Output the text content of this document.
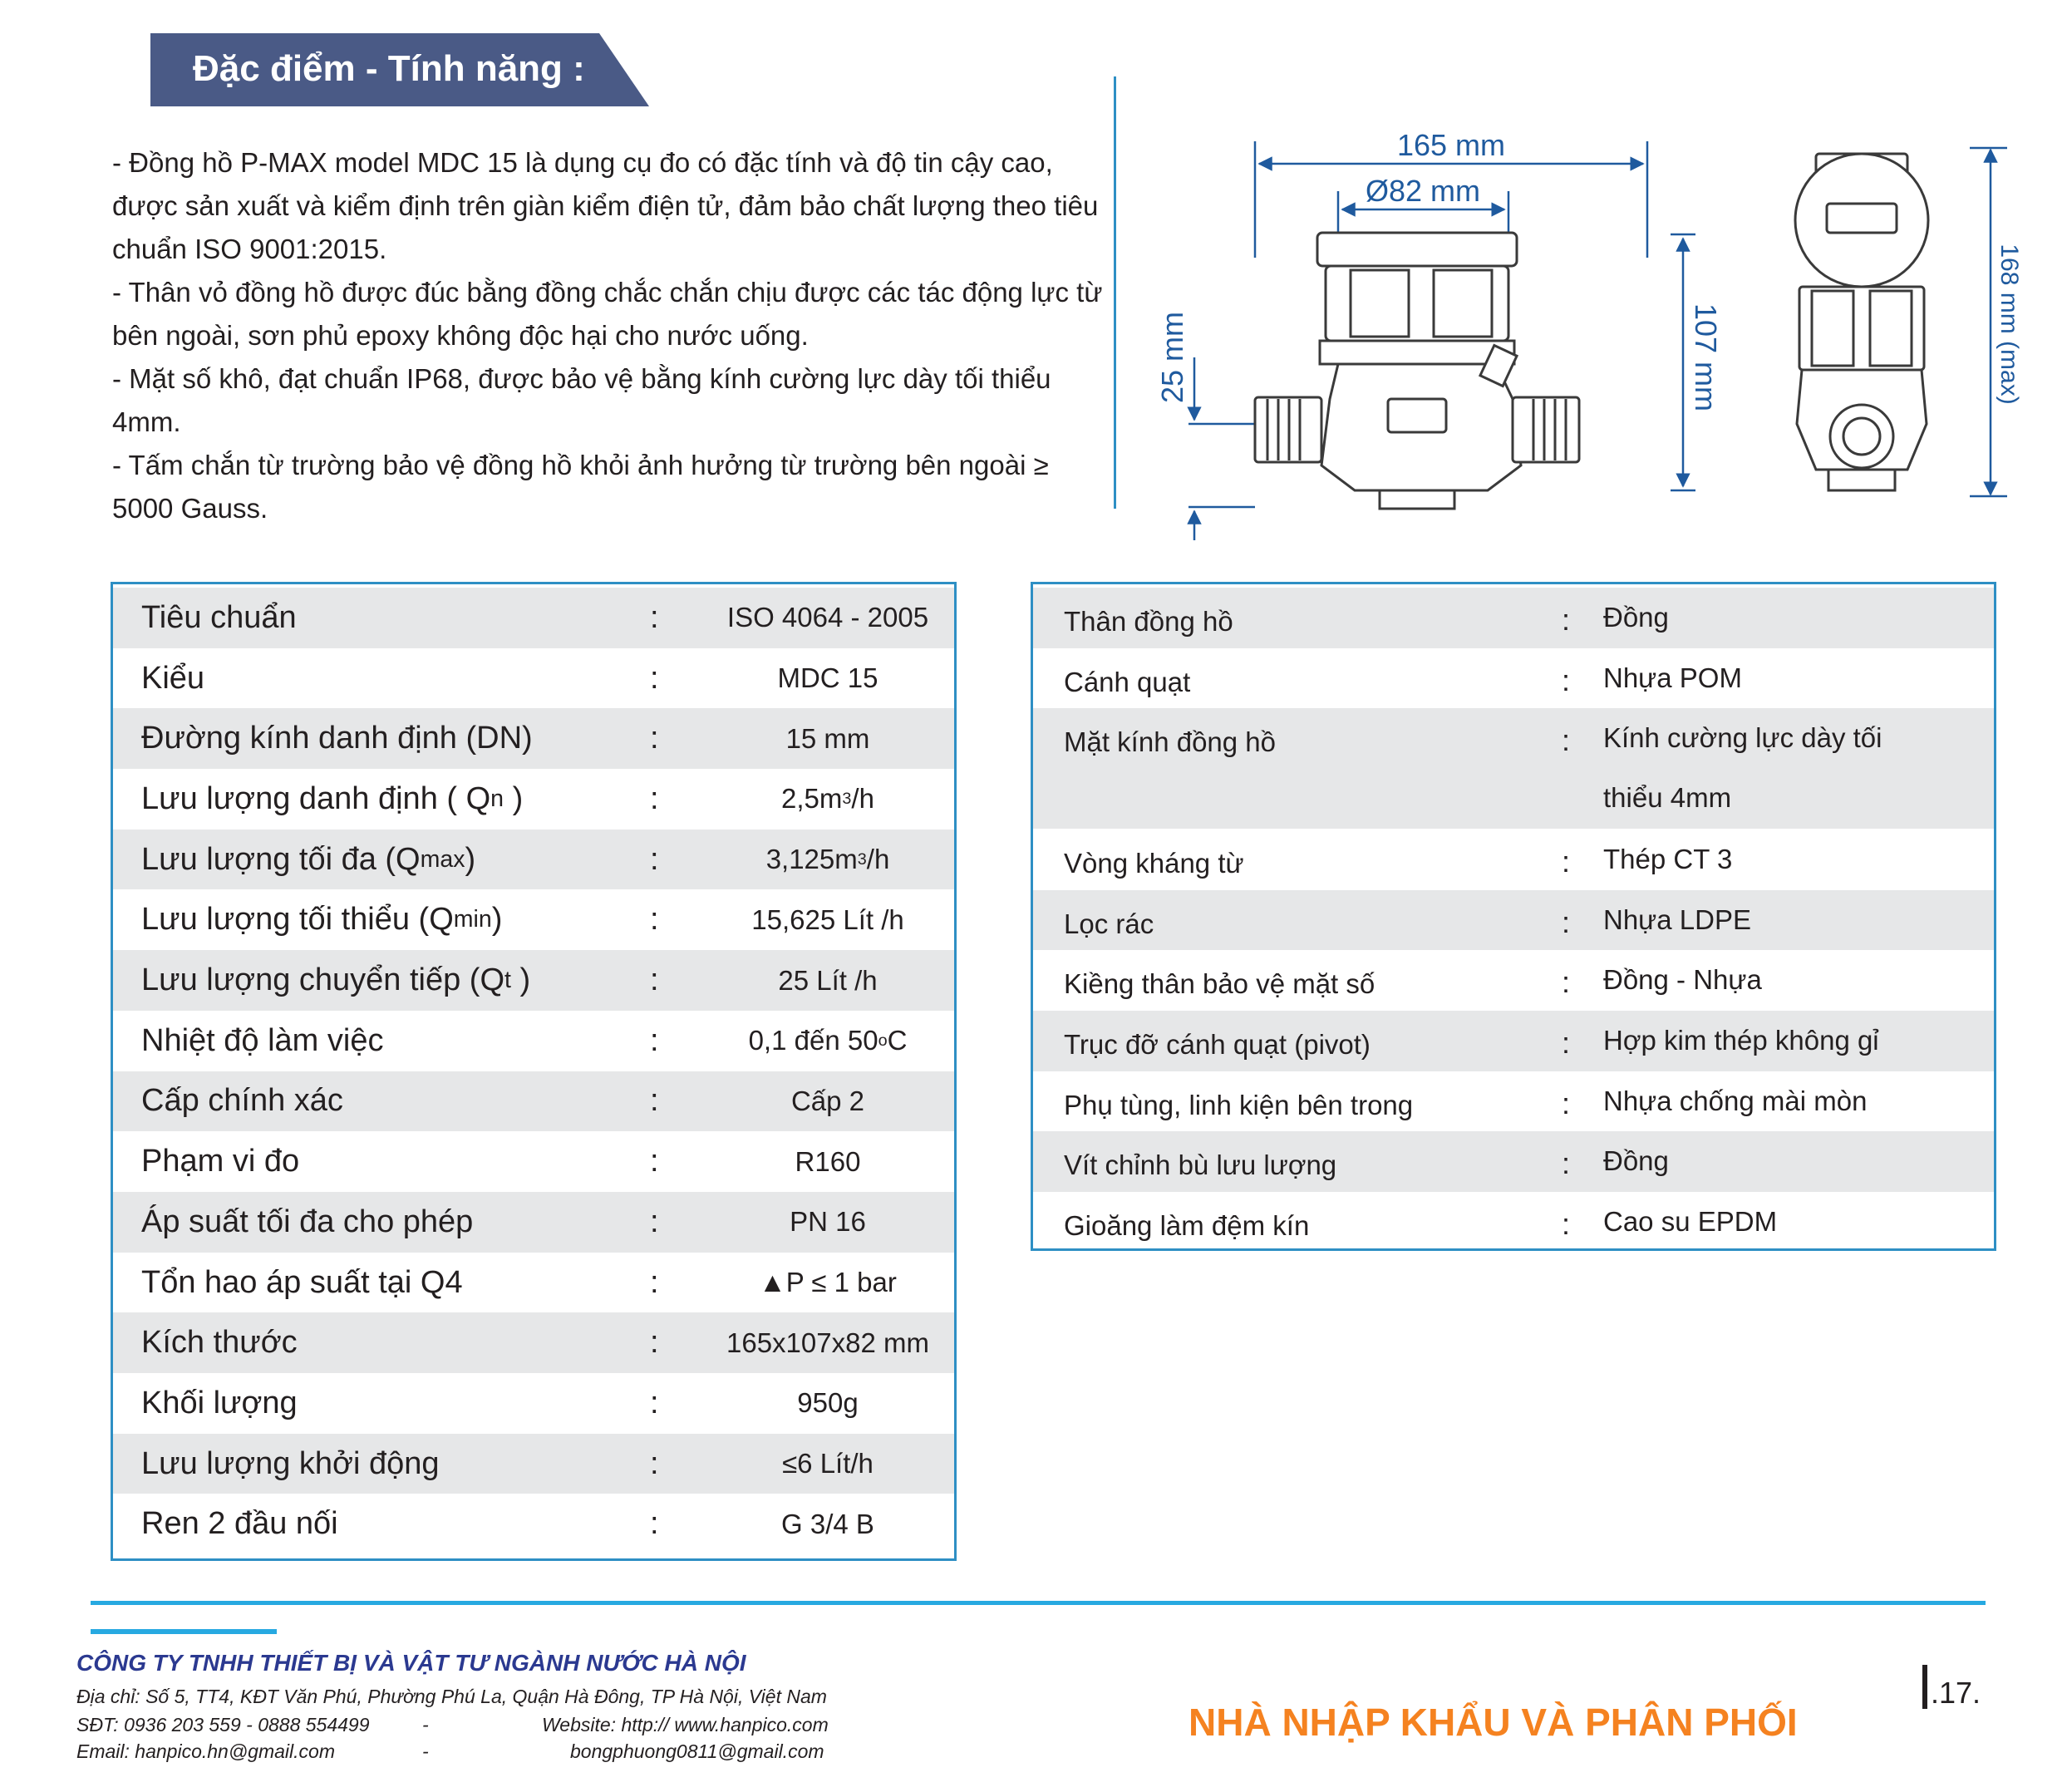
Đặc điểm - Tính năng :

- Đồng hồ P-MAX model MDC 15 là dụng cụ đo có đặc tính và độ tin cậy cao, được sản xuất và kiểm định trên giàn kiểm điện tử, đảm bảo chất lượng theo tiêu chuẩn ISO 9001:2015.

- Thân vỏ đồng hồ được đúc bằng đồng chắc chắn chịu được các tác động lực từ bên ngoài, sơn phủ epoxy không độc hại cho nước uống.

- Mặt số khô, đạt chuẩn IP68, được bảo vệ bằng kính cường lực dày tối thiểu 4mm.

- Tấm chắn từ trường bảo vệ đồng hồ khỏi ảnh hưởng từ trường bên ngoài ≥ 5000 Gauss.

165 mm
Ø82 mm
107 mm
25 mm	168 mm (max)
Tiêu chuẩn	: ISO 4064 - 2005
Kiểu	:	MDC 15
Đường kính danh định (DN)	:	15 mm
Lưu lượng danh định ( Q n )	:	2,5m 3 /h
Lưu lượng tối đa (Q max )	:	3,125m 3 /h
Lưu lượng tối thiểu (Q min )	:	15,625 Lít /h
Lưu lượng chuyển tiếp (Q t )	:	25 Lít /h
Nhiệt độ làm việc	:	0,1 đến 50 o C
Cấp chính xác	:	Cấp 2
Phạm vi đo	:	R160
Áp suất tối đa cho phép	:	PN 16
Tổn hao áp suất tại Q4	:	▲P ≤ 1 bar
Kích thước	: 165x107x82 mm
Khối lượng	:	950g
Lưu lượng khởi động	:	≤6 Lít/h
Ren 2 đầu nối	:	G 3/4 B
Thân đồng hồ	: Đồng
Cánh quạt	: Nhựa POM
Mặt kính đồng hồ	: Kính cường lực dày tối
thiểu 4mm
Vòng kháng từ	: Thép CT 3
Lọc rác	: Nhựa LDPE
Kiềng thân bảo vệ mặt số	: Đồng - Nhựa
Trục đỡ cánh quạt (pivot)	: Hợp kim thép không gỉ
Phụ tùng, linh kiện bên trong	: Nhựa chống mài mòn
Vít chỉnh bù lưu lượng	: Đồng
Gioăng làm đệm kín	: Cao su EPDM
CÔNG TY TNHH THIẾT BỊ VÀ VẬT TƯ NGÀNH NƯỚC HÀ NỘI
Địa chỉ: Số 5, TT4, KĐT Văn Phú, Phường Phú La, Quận Hà Đông, TP Hà Nội, Việt Nam
SĐT: 0936 203 559 - 0888 554499	-	Website: http:// www.hanpico.com
Email: hanpico.hn@gmail.com	-	bongphuong0811@gmail.com
NHÀ NHẬP KHẨU VÀ PHÂN PHỐI
.17.
